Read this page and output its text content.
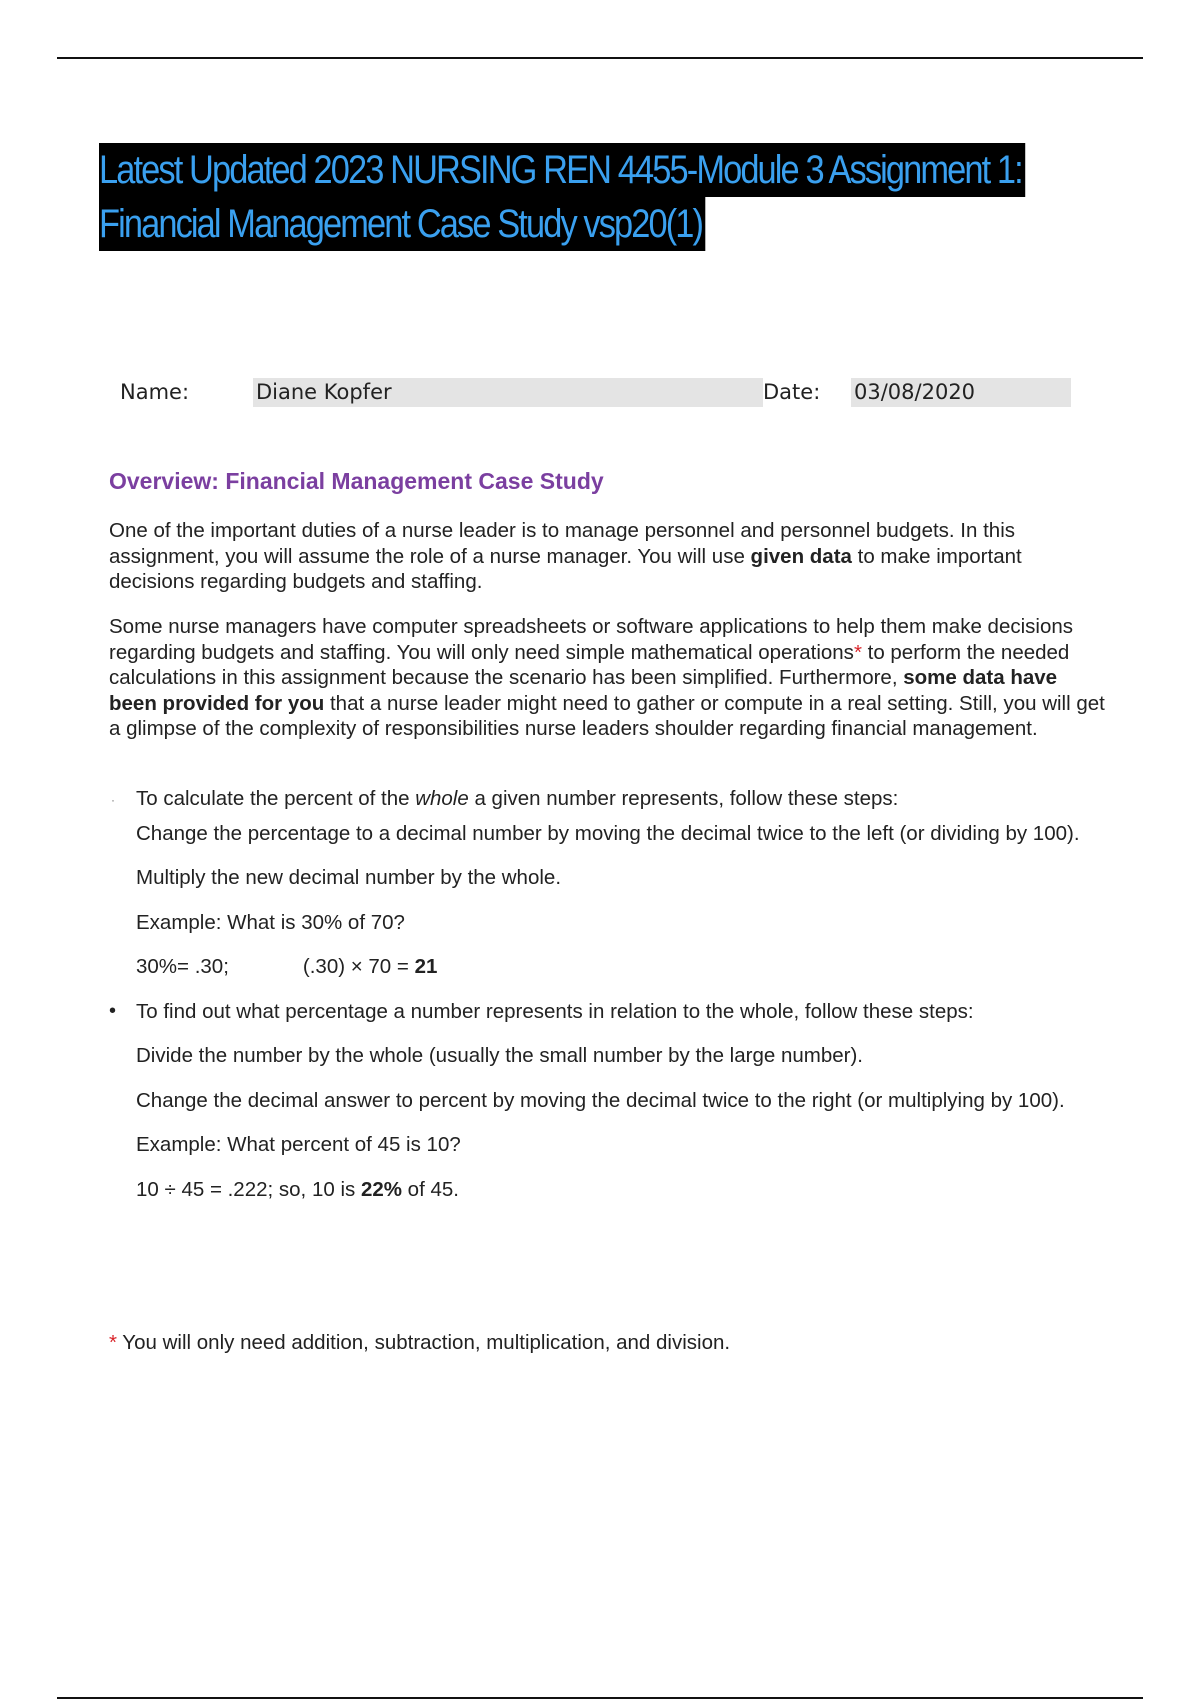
Latest Updated 2023 NURSING REN 4455-Module 3 Assignment 1:
Financial Management Case Study vsp20(1)
Name:	Diane Kopfer	Date: 03/08/2020
Overview: Financial Management Case Study

One of the important duties of a nurse leader is to manage personnel and personnel budgets. In this assignment, you will assume the role of a nurse manager. You will use given data to make important decisions regarding budgets and staffing.

Some nurse managers have computer spreadsheets or software applications to help them make decisions regarding budgets and staffing. You will only need simple mathematical operations* to perform the needed calculations in this assignment because the scenario has been simplified. Furthermore, some data have been provided for you that a nurse leader might need to gather or compute in a real setting. Still, you will get a glimpse of the complexity of responsibilities nurse leaders shoulder regarding financial management.

· To calculate the percent of the whole a given number represents, follow these steps:

Change the percentage to a decimal number by moving the decimal twice to the left (or dividing by 100).

Multiply the new decimal number by the whole.

Example: What is 30% of 70?

30%= .30;	(.30) × 70 = 21

• To find out what percentage a number represents in relation to the whole, follow these steps:

Divide the number by the whole (usually the small number by the large number).

Change the decimal answer to percent by moving the decimal twice to the right (or multiplying by 100).

Example: What percent of 45 is 10?

10 ÷ 45 = .222; so, 10 is 22% of 45.

* You will only need addition, subtraction, multiplication, and division.
